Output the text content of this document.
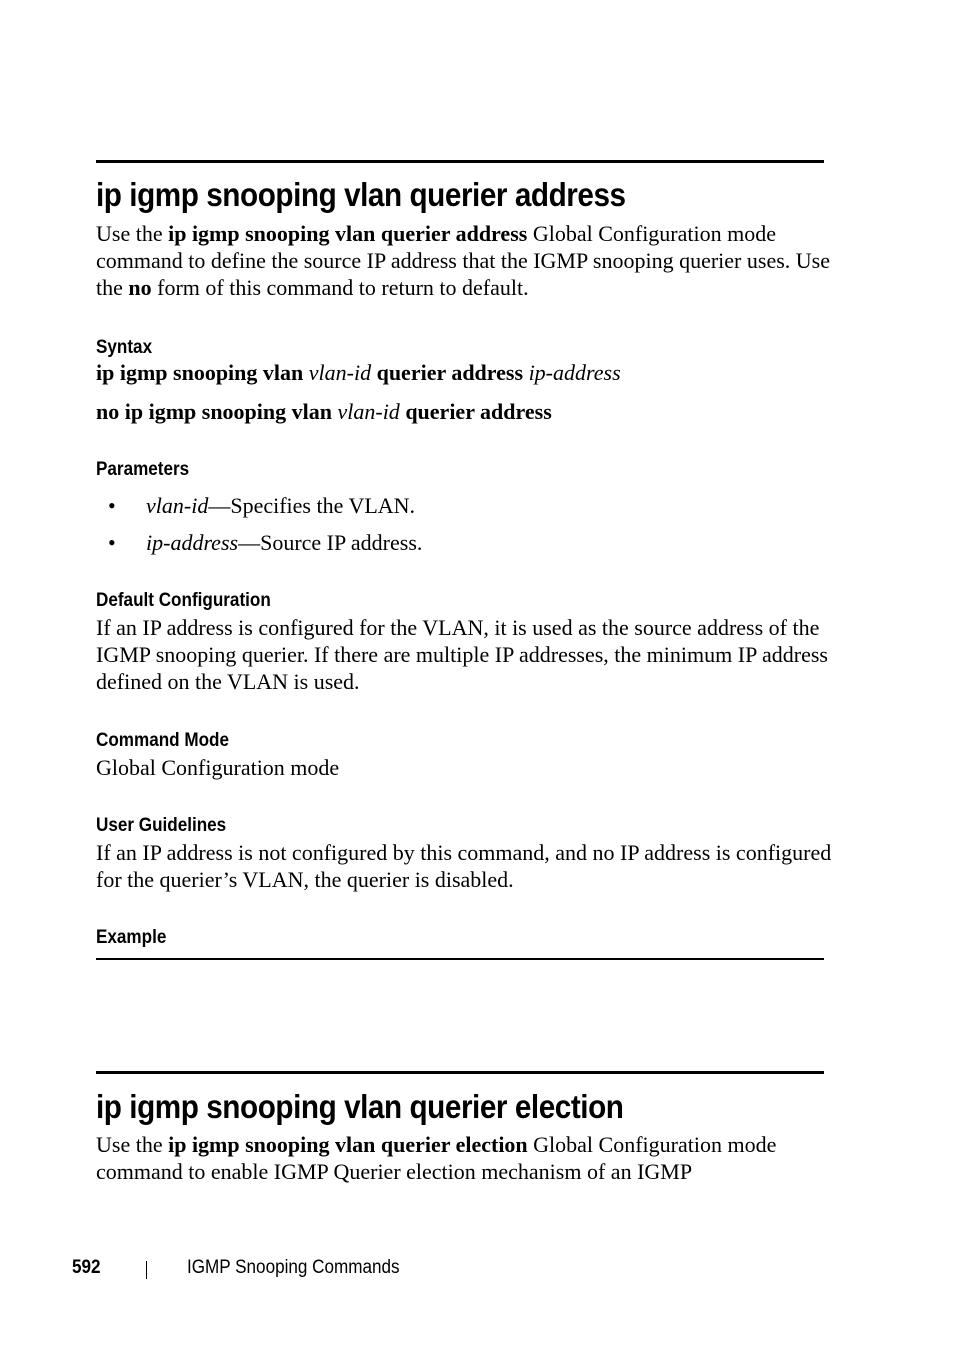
ip igmp snooping vlan querier address

Use the ip igmp snooping vlan querier address Global Configuration mode command to define the source IP address that the IGMP snooping querier uses. Use the no form of this command to return to default.

Syntax
ip igmp snooping vlan vlan-id querier address ip-address
no ip igmp snooping vlan vlan-id querier address
Parameters
• vlan-id—Specifies the VLAN.
• ip-address—Source IP address.
Default Configuration

If an IP address is configured for the VLAN, it is used as the source address of the IGMP snooping querier. If there are multiple IP addresses, the minimum IP address defined on the VLAN is used.

Command Mode

Global Configuration mode

User Guidelines

If an IP address is not configured by this command, and no IP address is configured for the querier’s VLAN, the querier is disabled.

Example
ip igmp snooping vlan querier election

Use the ip igmp snooping vlan querier election Global Configuration mode command to enable IGMP Querier election mechanism of an IGMP

592	IGMP Snooping Commands
